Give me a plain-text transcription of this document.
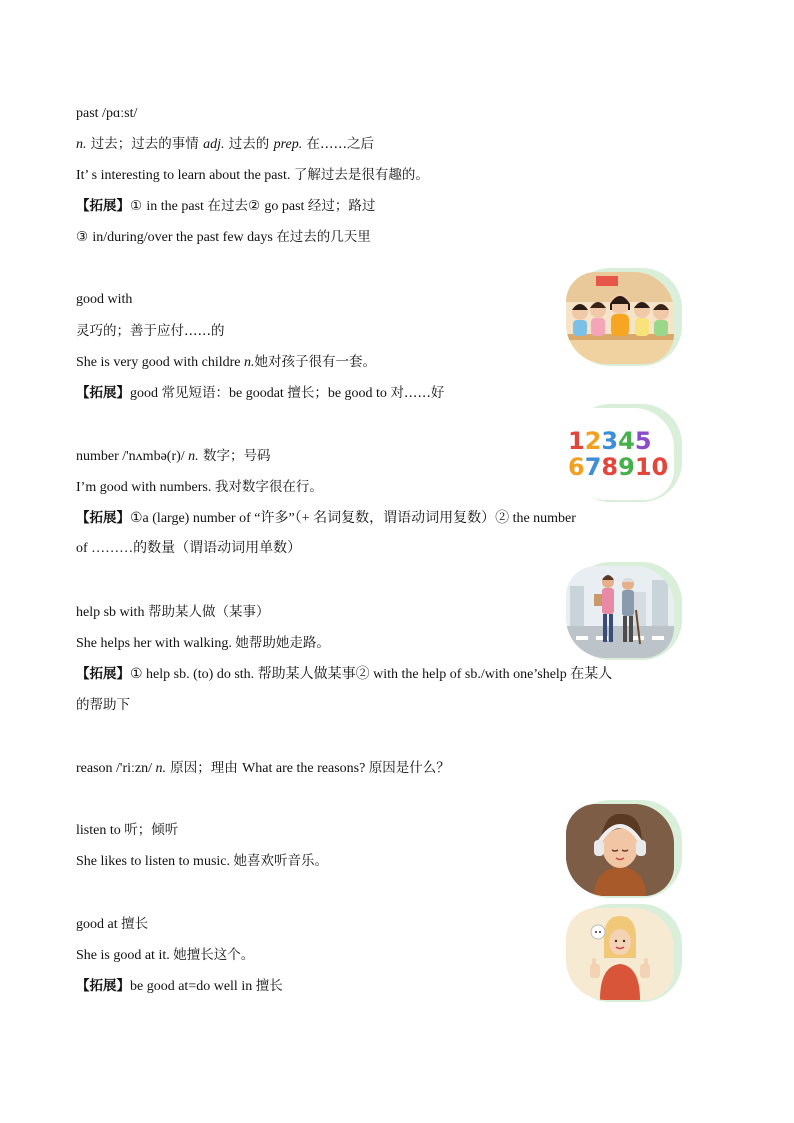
past /pɑːst/
n. 过去；过去的事情 adj. 过去的 prep. 在……之后
It’ s interesting to learn about the past. 了解过去是很有趣的。
【拓展】① in the past 在过去② go past 经过；路过
③ in/during/over the past few days 在过去的几天里
good with
灵巧的；善于应付……的
She is very good with childre n.她对孩子很有一套。
【拓展】good 常见短语：be goodat 擅长；be good to 对……好
number /'nʌmbə(r)/ n. 数字；号码
I’m good with numbers. 我对数字很在行。
【拓展】①a (large) number of “许多”（+ 名词复数，谓语动词用复数）② the number
of ………的数量（谓语动词用单数）
help sb with 帮助某人做（某事）
She helps her with walking. 她帮助她走路。
【拓展】① help sb. (to) do sth. 帮助某人做某事② with the help of sb./with one’shelp 在某人
的帮助下
reason /'riːzn/ n. 原因；理由 What are the reasons? 原因是什么？
listen to 听；倾听
She likes to listen to music. 她喜欢听音乐。
good at 擅长
She is good at it. 她擅长这个。
【拓展】be good at=do well in 擅长
12345
678910
